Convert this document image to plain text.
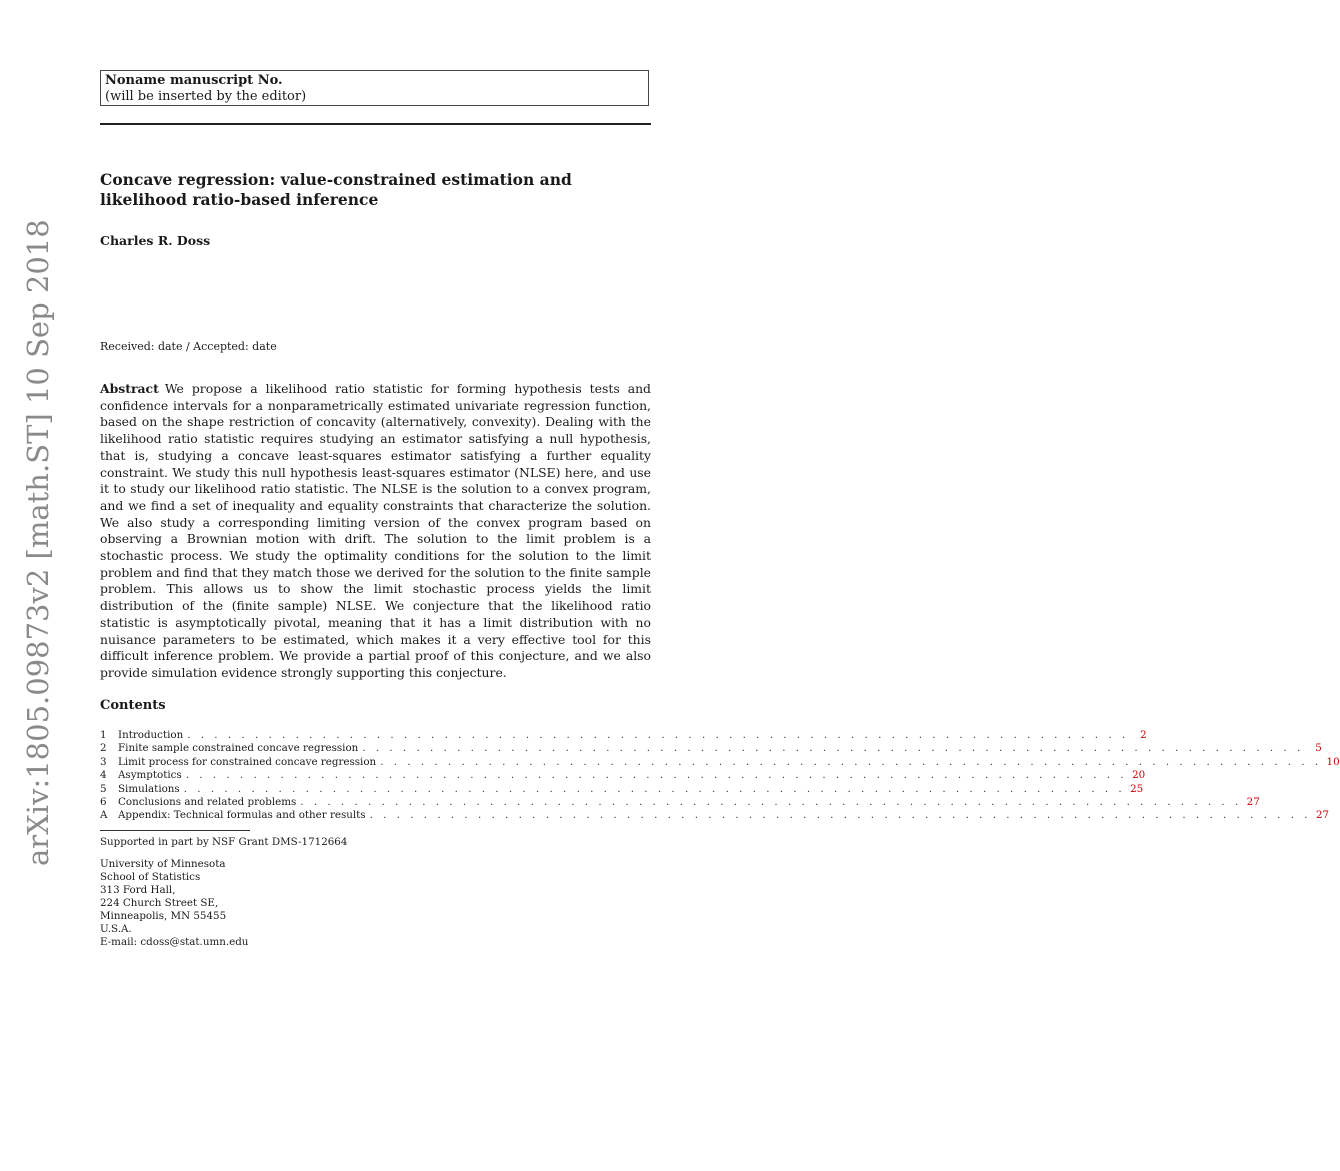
Noname manuscript No.
(will be inserted by the editor)
Concave regression: value-constrained estimation and likelihood ratio-based inference
Charles R. Doss
Received: date / Accepted: date

Abstract We propose a likelihood ratio statistic for forming hypothesis tests and confidence intervals for a nonparametrically estimated univariate regression function, based on the shape restriction of concavity (alternatively, convexity). Dealing with the likelihood ratio statistic requires studying an estimator satisfying a null hypothesis, that is, studying a concave least-squares estimator satisfying a further equality constraint. We study this null hypothesis least-squares estimator (NLSE) here, and use it to study our likelihood ratio statistic. The NLSE is the solution to a convex program, and we find a set of inequality and equality constraints that characterize the solution. We also study a corresponding limiting version of the convex program based on observing a Brownian motion with drift. The solution to the limit problem is a stochastic process. We study the optimality conditions for the solution to the limit problem and find that they match those we derived for the solution to the finite sample problem. This allows us to show the limit stochastic process yields the limit distribution of the (finite sample) NLSE. We conjecture that the likelihood ratio statistic is asymptotically pivotal, meaning that it has a limit distribution with no nuisance parameters to be estimated, which makes it a very effective tool for this difficult inference problem. We provide a partial proof of this conjecture, and we also provide simulation evidence strongly supporting this conjecture.

Contents
1	Introduction . . . . . . . . . . . . . . . . . . . . . . . . . . . . . . . . . . . . . . . . . . . . . . . . . . . . . . . . . . . . . . . . . . . . . .	2
2	Finite sample constrained concave regression . . . . . . . . . . . . . . . . . . . . . . . . . . . . . . . . . . . . . . . . . . . . . . . . . . . . . . . . . . . . . . . . . . . . . .	5
3	Limit process for constrained concave regression . . . . . . . . . . . . . . . . . . . . . . . . . . . . . . . . . . . . . . . . . . . . . . . . . . . . . . . . . . . . . . . . . . . . . . 10
4	Asymptotics . . . . . . . . . . . . . . . . . . . . . . . . . . . . . . . . . . . . . . . . . . . . . . . . . . . . . . . . . . . . . . . . . . . . . . 20
5	Simulations . . . . . . . . . . . . . . . . . . . . . . . . . . . . . . . . . . . . . . . . . . . . . . . . . . . . . . . . . . . . . . . . . . . . . . 25
6	Conclusions and related problems . . . . . . . . . . . . . . . . . . . . . . . . . . . . . . . . . . . . . . . . . . . . . . . . . . . . . . . . . . . . . . . . . . . . . . 27
A	Appendix: Technical formulas and other results . . . . . . . . . . . . . . . . . . . . . . . . . . . . . . . . . . . . . . . . . . . . . . . . . . . . . . . . . . . . . . . . . . . . . . 27
Supported in part by NSF Grant DMS-1712664
University of Minnesota
School of Statistics
313 Ford Hall,
224 Church Street SE,
Minneapolis, MN 55455
U.S.A.
E-mail: cdoss@stat.umn.edu
arXiv:1805.09873v2 [math.ST] 10 Sep 2018
